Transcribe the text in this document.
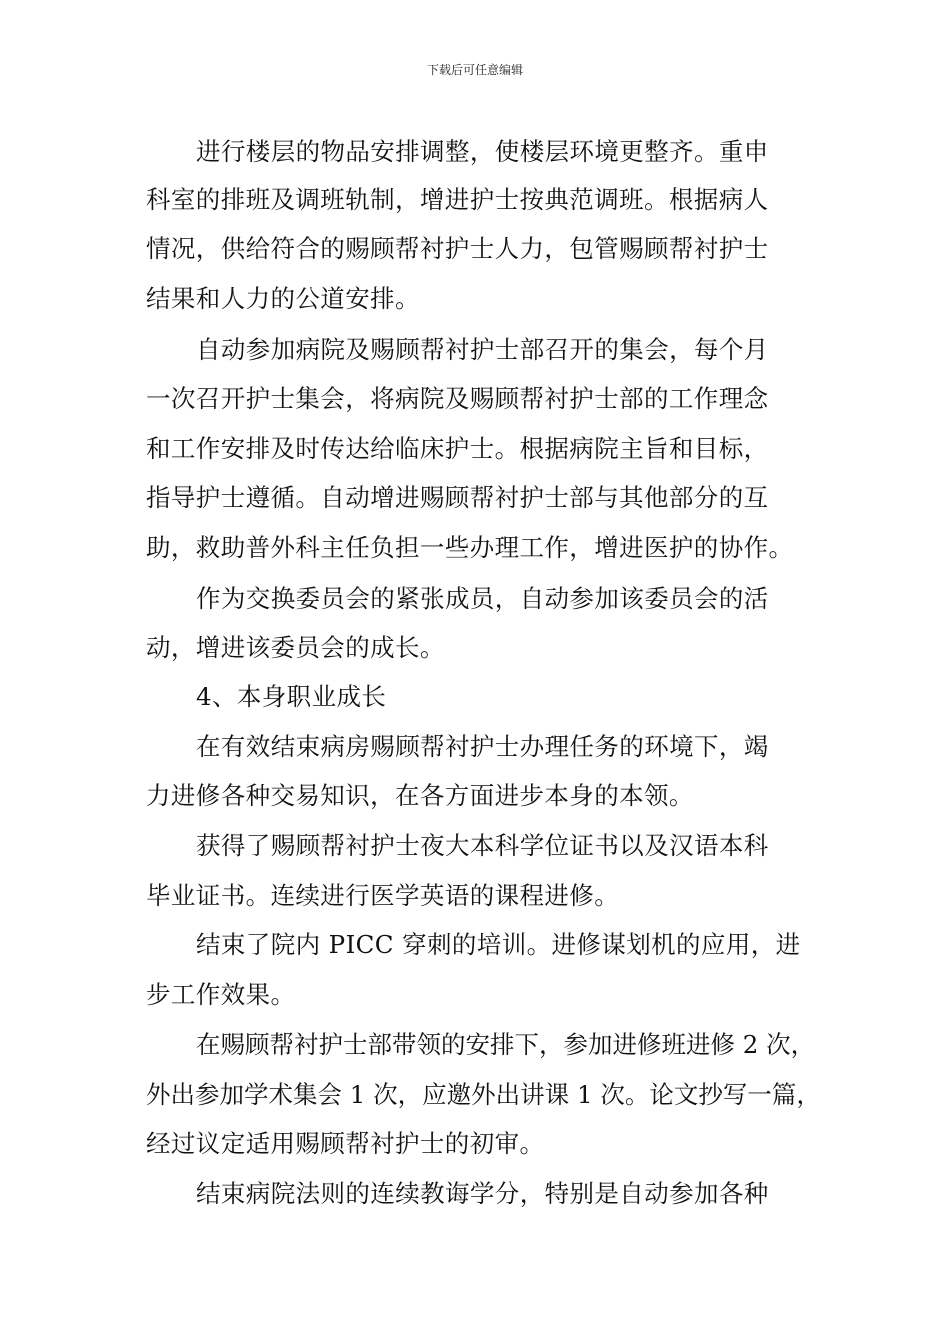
下载后可任意编辑
进行楼层的物品安排调整，使楼层环境更整齐。重申
科室的排班及调班轨制，增进护士按典范调班。根据病人
情况，供给符合的赐顾帮衬护士人力，包管赐顾帮衬护士
结果和人力的公道安排。
自动参加病院及赐顾帮衬护士部召开的集会，每个月
一次召开护士集会，将病院及赐顾帮衬护士部的工作理念
和工作安排及时传达给临床护士。根据病院主旨和目标，
指导护士遵循。自动增进赐顾帮衬护士部与其他部分的互
助，救助普外科主任负担一些办理工作，增进医护的协作。
作为交换委员会的紧张成员，自动参加该委员会的活
动，增进该委员会的成长。
4、本身职业成长
在有效结束病房赐顾帮衬护士办理任务的环境下，竭
力进修各种交易知识，在各方面进步本身的本领。
获得了赐顾帮衬护士夜大本科学位证书以及汉语本科
毕业证书。连续进行医学英语的课程进修。
结束了院内 PICC 穿刺的培训。进修谋划机的应用，进
步工作效果。
在赐顾帮衬护士部带领的安排下，参加进修班进修 2 次，
外出参加学术集会 1 次，应邀外出讲课 1 次。论文抄写一篇，
经过议定适用赐顾帮衬护士的初审。
结束病院法则的连续教诲学分，特别是自动参加各种
